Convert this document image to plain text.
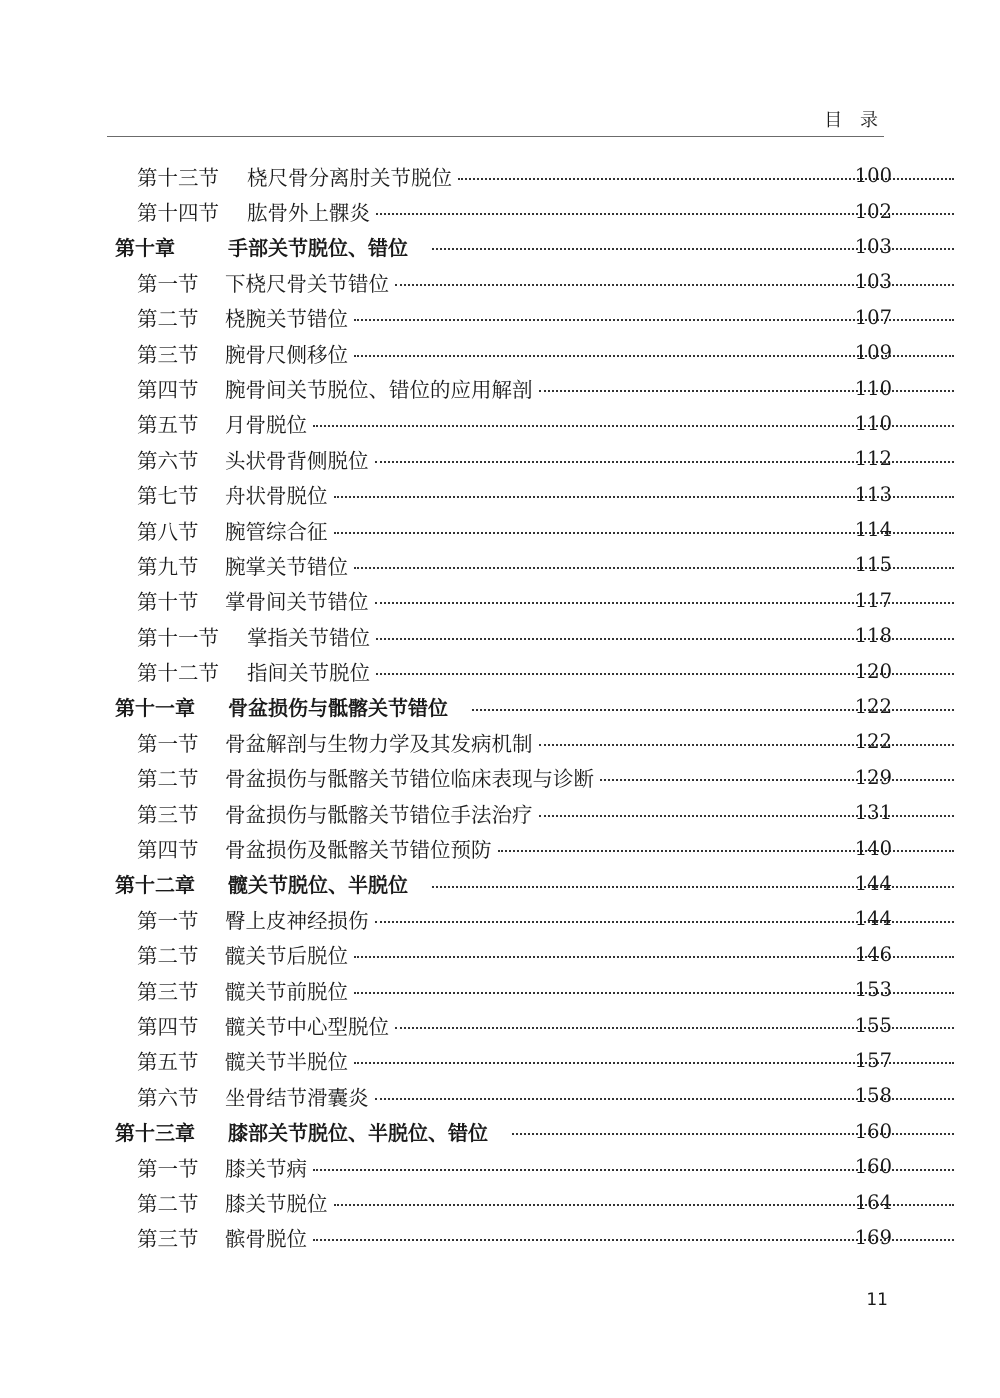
目 录
第十三节	桡尺骨分离肘关节脱位	100
第十四节	肱骨外上髁炎	102
第十章	手部关节脱位、错位	103
第一节	下桡尺骨关节错位	103
第二节	桡腕关节错位	107
第三节	腕骨尺侧移位	109
第四节	腕骨间关节脱位、错位的应用解剖	110
第五节	月骨脱位	110
第六节	头状骨背侧脱位	112
第七节	舟状骨脱位	113
第八节	腕管综合征	114
第九节	腕掌关节错位	115
第十节	掌骨间关节错位	117
第十一节	掌指关节错位	118
第十二节	指间关节脱位	120
第十一章	骨盆损伤与骶髂关节错位	122
第一节	骨盆解剖与生物力学及其发病机制	122
第二节	骨盆损伤与骶髂关节错位临床表现与诊断	129
第三节	骨盆损伤与骶髂关节错位手法治疗	131
第四节	骨盆损伤及骶髂关节错位预防	140
第十二章	髋关节脱位、半脱位	144
第一节	臀上皮神经损伤	144
第二节	髋关节后脱位	146
第三节	髋关节前脱位	153
第四节	髋关节中心型脱位	155
第五节	髋关节半脱位	157
第六节	坐骨结节滑囊炎	158
第十三章	膝部关节脱位、半脱位、错位	160
第一节	膝关节病	160
第二节	膝关节脱位	164
第三节	髌骨脱位	169
11
